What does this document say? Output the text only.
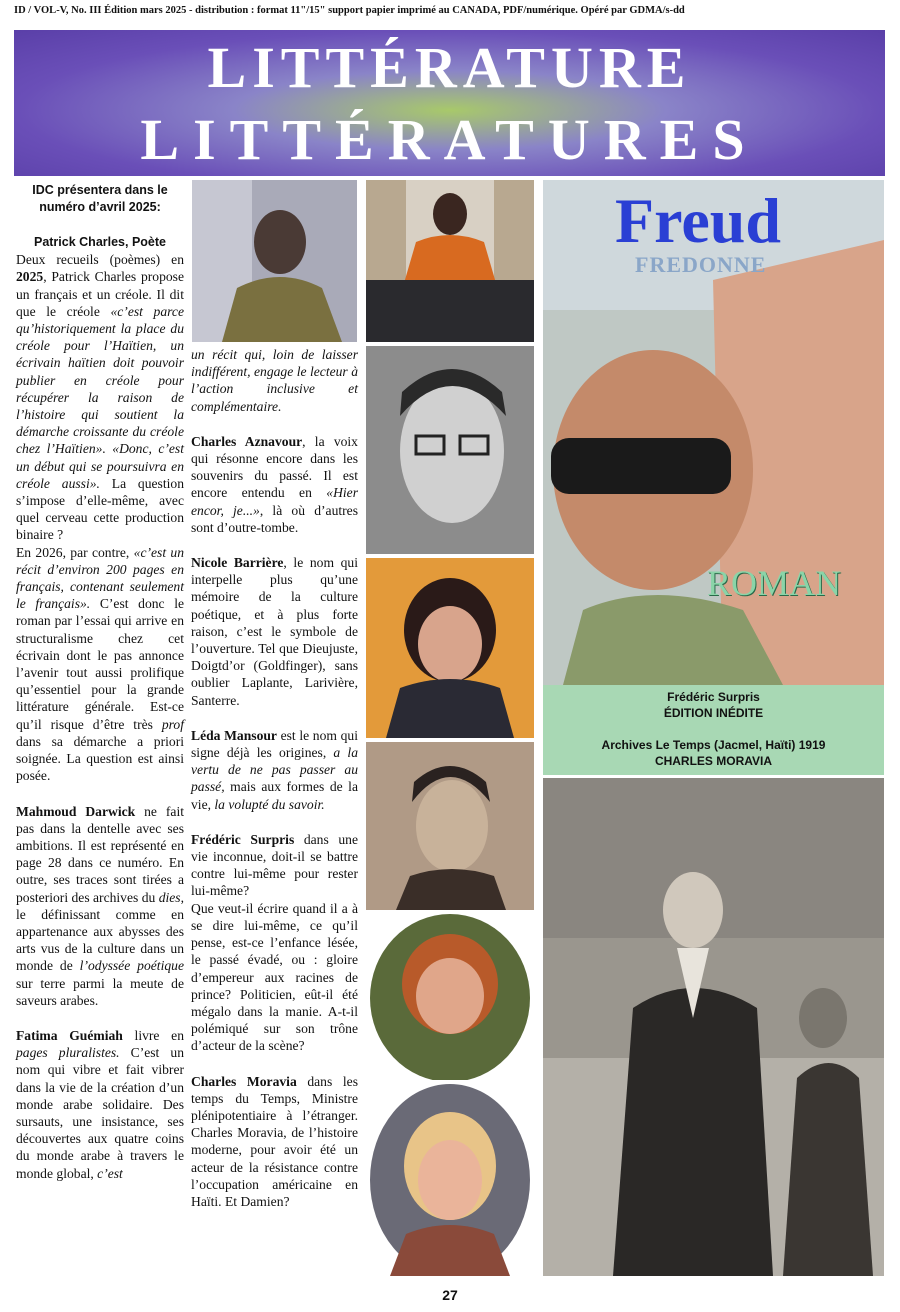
ID / VOL-V, No. III Édition mars 2025 - distribution : format 11"/15" support papier imprimé au CANADA, PDF/numérique. Opéré par GDMA/s-dd
LITTÉRATURE
LITTÉRATURES

IDC présentera dans le numéro d’avril 2025:

Patrick Charles, Poète

Deux recueils (poèmes) en 2025, Patrick Charles propose un français et un créole. Il dit que le créole «c’est parce qu’historiquement la place du créole pour l’Haïtien, un écrivain haïtien doit pouvoir publier en créole pour récupérer la raison de l’histoire qui soutient la démarche croissante du créole chez l’Haïtien». «Donc, c’est un début qui se poursuivra en créole aussi». La question s’impose d’elle-même, avec quel cerveau cette production binaire ?

En 2026, par contre, «c’est un récit d’environ 200 pages en français, contenant seulement le français». C’est donc le roman par l’essai qui arrive en structuralisme chez cet écrivain dont le pas annonce l’avenir tout aussi prolifique qu’essentiel pour la grande littérature générale. Est-ce qu’il risque d’être très prof dans sa démarche a priori soignée. La question est ainsi posée.

Mahmoud Darwick ne fait pas dans la dentelle avec ses ambitions. Il est représenté en page 28 dans ce numéro. En outre, ses traces sont tirées a posteriori des archives du dies, le définissant comme en appartenance aux abysses des arts vus de la culture dans un monde de l’odyssée poétique sur terre parmi la meute de saveurs arabes.

Fatima Guémiah livre en pages pluralistes. C’est un nom qui vibre et fait vibrer dans la vie de la création d’un monde arabe solidaire. Des sursauts, une insistance, ses découvertes aux quatre coins du monde arabe à travers le monde global, c’est

un récit qui, loin de laisser indifférent, engage le lecteur à l’action inclusive et complémentaire.

Charles Aznavour, la voix qui résonne encore dans les souvenirs du passé. Il est encore entendu en «Hier encor, je...», là où d’autres sont d’outre-tombe.

Nicole Barrière, le nom qui interpelle plus qu’une mémoire de la culture poétique, et à plus forte raison, c’est le symbole de l’ouverture. Tel que Dieujuste, Doigtd’or (Goldfinger), sans oublier Laplante, Larivière, Santerre.

Léda Mansour est le nom qui signe déjà les origines, a la vertu de ne pas passer au passé, mais aux formes de la vie, la volupté du savoir.

Frédéric Surpris dans une vie inconnue, doit-il se battre contre lui-même pour rester lui-même?

Que veut-il écrire quand il a à se dire lui-même, ce qu’il pense, est-ce l’enfance lésée, le passé évadé, ou : gloire d’empereur aux racines de prince? Politicien, eût-il été mégalo dans la manie. A-t-il polémiqué sur son trône d’acteur de la scène?

Charles Moravia dans les temps du Temps, Ministre plénipotentiaire à l’étranger. Charles Moravia, de l’histoire moderne, pour avoir été un acteur de la résistance contre l’occupation américaine en Haïti. Et Damien?

Freud
FREDONNE
ROMAN
Frédéric Surpris
ÉDITION INÉDITE
Archives Le Temps (Jacmel, Haïti) 1919
CHARLES MORAVIA
27
